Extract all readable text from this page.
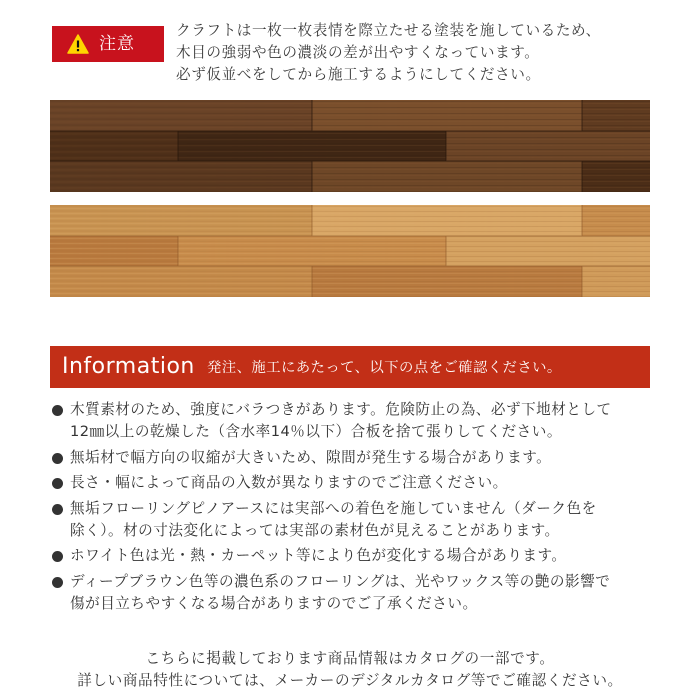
注意

クラフトは一枚一枚表情を際立たせる塗装を施しているため、
木目の強弱や色の濃淡の差が出やすくなっています。
必ず仮並べをしてから施工するようにしてください。

Information 発注、施工にあたって、以下の点をご確認ください。
木質素材のため、強度にバラつきがあります。危険防止の為、必ず下地材として
12㎜以上の乾燥した（含水率14％以下）合板を捨て張りしてください。
無垢材で幅方向の収縮が大きいため、隙間が発生する場合があります。
長さ・幅によって商品の入数が異なりますのでご注意ください。
無垢フローリングピノアースには実部への着色を施していません（ダーク色を
除く）。材の寸法変化によっては実部の素材色が見えることがあります。
ホワイト色は光・熱・カーペット等により色が変化する場合があります。
ディープブラウン色等の濃色系のフローリングは、光やワックス等の艶の影響で
傷が目立ちやすくなる場合がありますのでご了承ください。
こちらに掲載しております商品情報はカタログの一部です。
詳しい商品特性については、メーカーのデジタルカタログ等でご確認ください。
